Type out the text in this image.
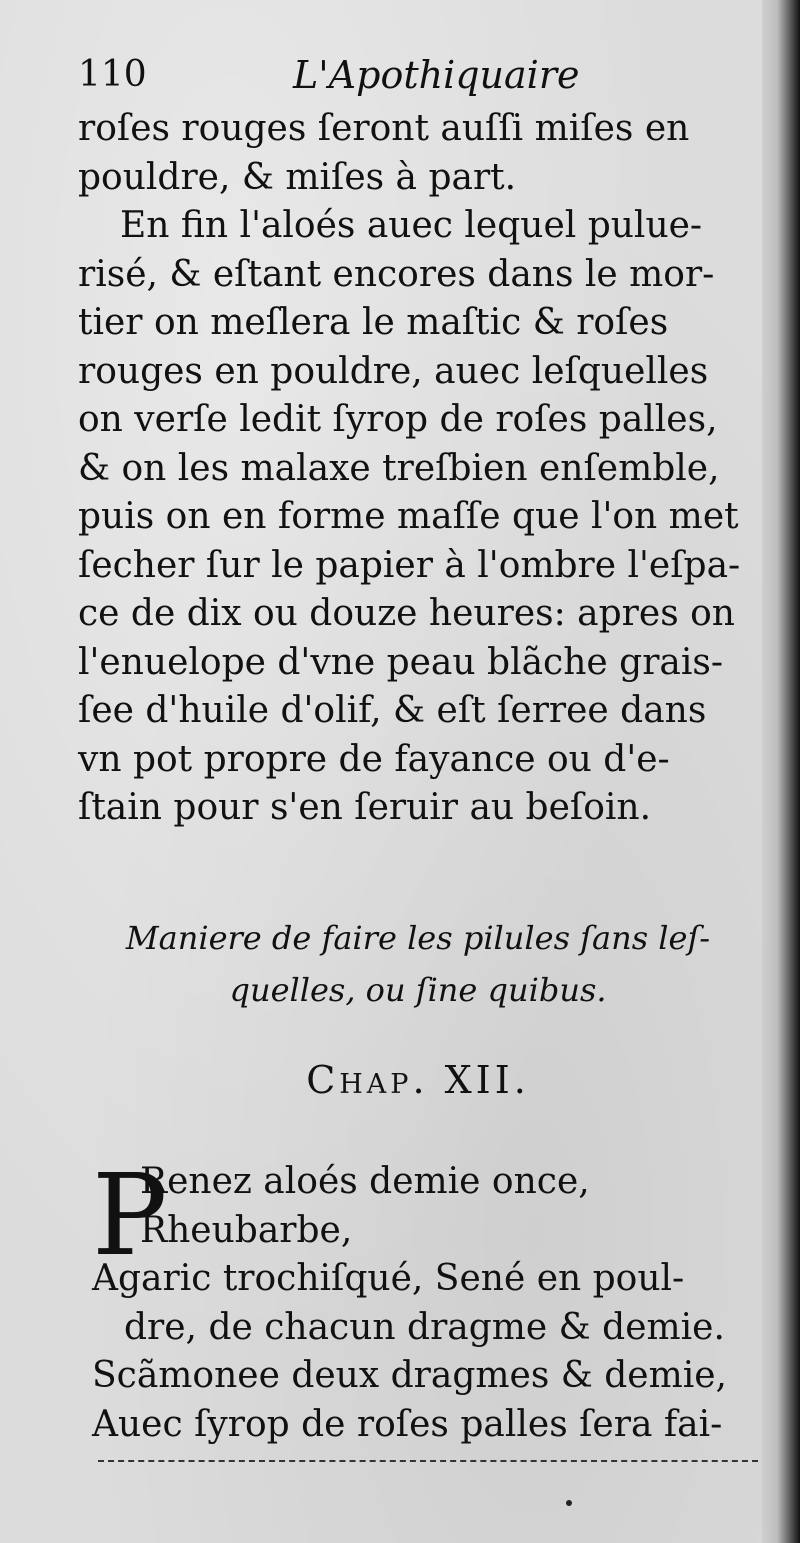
110	L'Apothiquaire
roſes rouges ſeront auſſi miſes en
pouldre, & miſes à part.
En fin l'aloés auec lequel pulue-
risé, & eſtant encores dans le mor-
tier on meſlera le maſtic & roſes
rouges en pouldre, auec leſquelles
on verſe ledit ſyrop de roſes palles,
& on les malaxe treſbien enſemble,
puis on en forme maſſe que l'on met
ſecher ſur le papier à l'ombre l'eſpa-
ce de dix ou douze heures: apres on
l'enuelope d'vne peau blãche grais-
ſee d'huile d'olif, & eſt ſerree dans
vn pot propre de fayance ou d'e-
ſtain pour s'en ſeruir au beſoin.
Maniere de faire les pilules ſans leſ-
quelles, ou ſine quibus.
Chap. XII.
P
Renez aloés demie once,
Rheubarbe,
Agaric trochiſqué, Sené en poul-
dre, de chacun dragme & demie.
Scãmonee deux dragmes & demie,
Auec ſyrop de roſes palles ſera fai-
